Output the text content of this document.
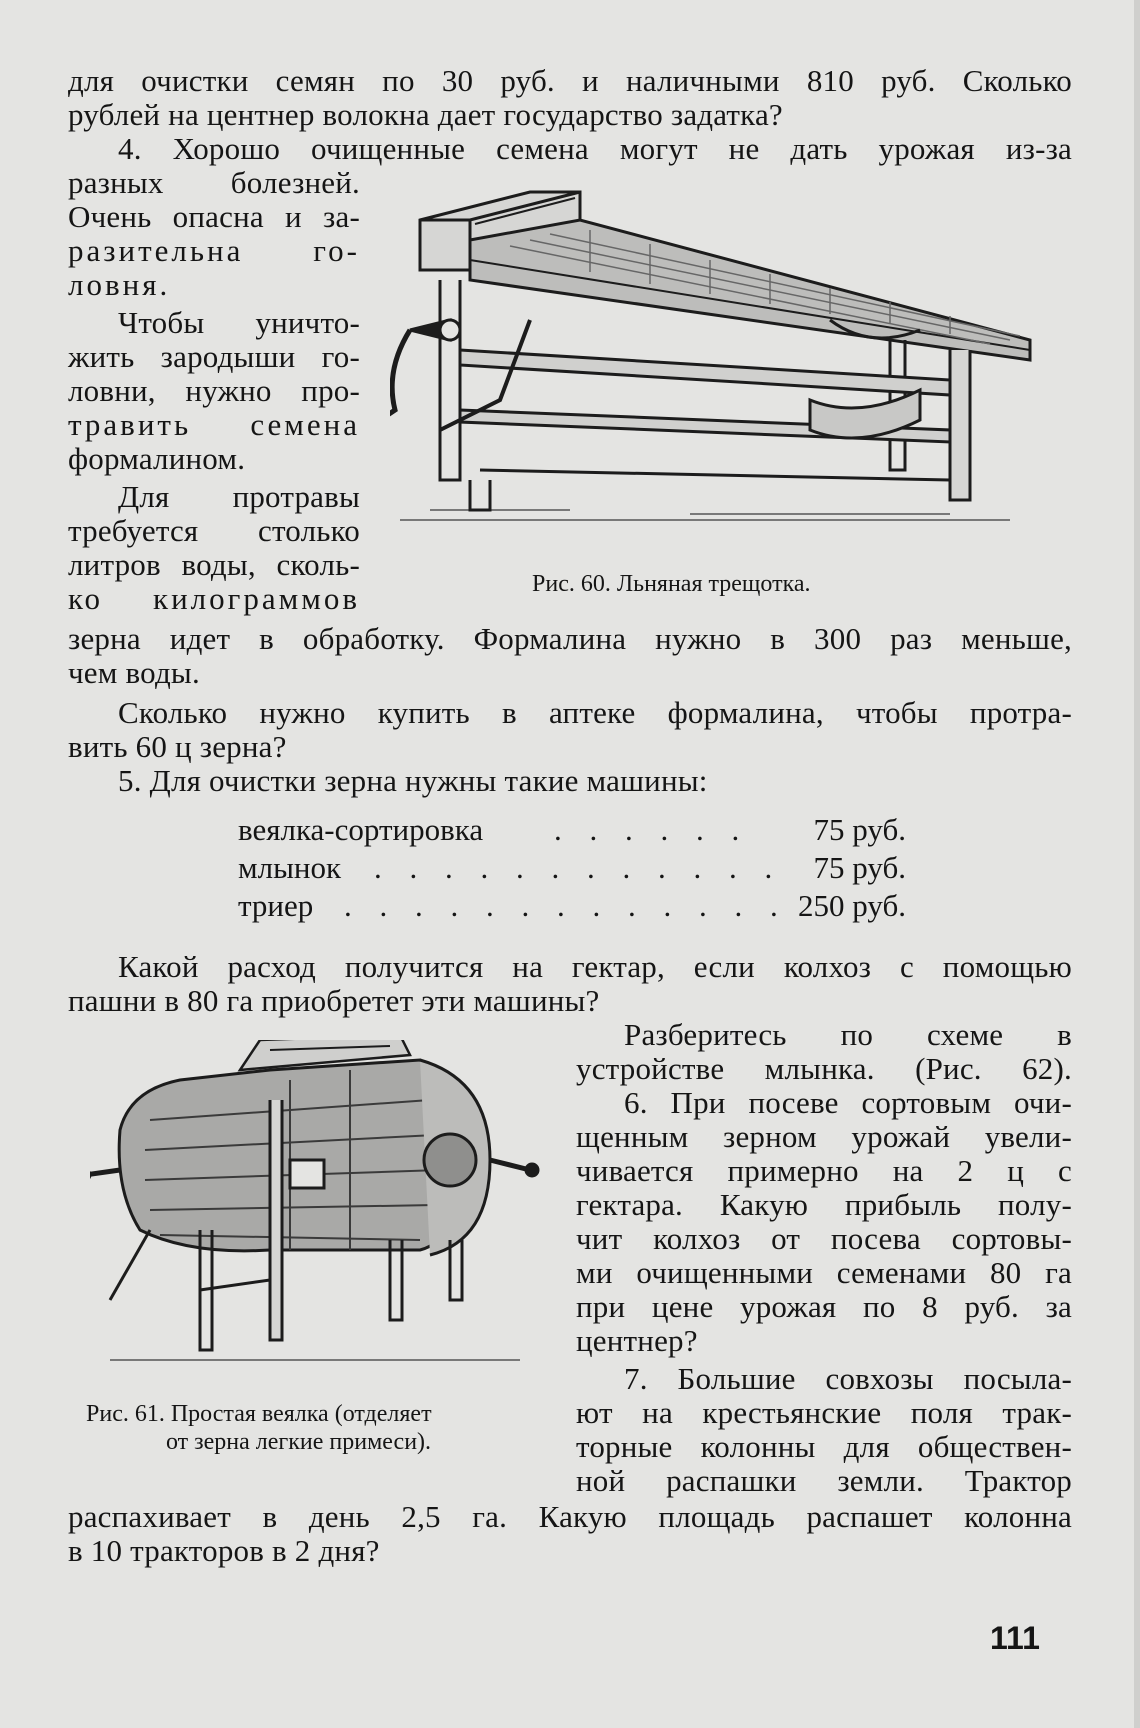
для очистки семян по 30 руб. и наличными 810 руб. Сколько
рублей на центнер волокна дает государство задатка?
4. Хорошо очищенные семена могут не дать урожая из-за
разных болезней.
Очень опасна и за-
разительна го-
ловня.
Чтобы уничто-
жить зародыши го-
ловни, нужно про-
травить семена
формалином.
Для протравы
требуется столько
литров воды, сколь-
ко килограммов	Рис. 60. Льняная трещотка.
зерна идет в обработку. Формалина нужно в 300 раз меньше,
чем воды.
Сколько нужно купить в аптеке формалина, чтобы протра-
вить 60 ц зерна?
5. Для очистки зерна нужны такие машины:
веялка-сортировка . . . . . . 75 руб.
млынок . . . . . . . . . . . . 75 руб.
триер . . . . . . . . . . . . . 250 руб.
Какой расход получится на гектар, если колхоз с помощью
пашни в 80 га приобретет эти машины?
Разберитесь по схеме в
устройстве млынка. (Рис. 62).
6. При посеве сортовым очи-
щенным зерном урожай увели-
чивается примерно на 2 ц с
гектара. Какую прибыль полу-
чит колхоз от посева сортовы-
ми очищенными семенами 80 га
при цене урожая по 8 руб. за
центнер?
7. Большие совхозы посыла-
ют на крестьянские поля трак-
торные колонны для обществен-
ной распашки земли. Трактор
Рис. 61. Простая веялка (отделяет
от зерна легкие примеси).
распахивает в день 2,5 га. Какую площадь распашет колонна
в 10 тракторов в 2 дня?
111
